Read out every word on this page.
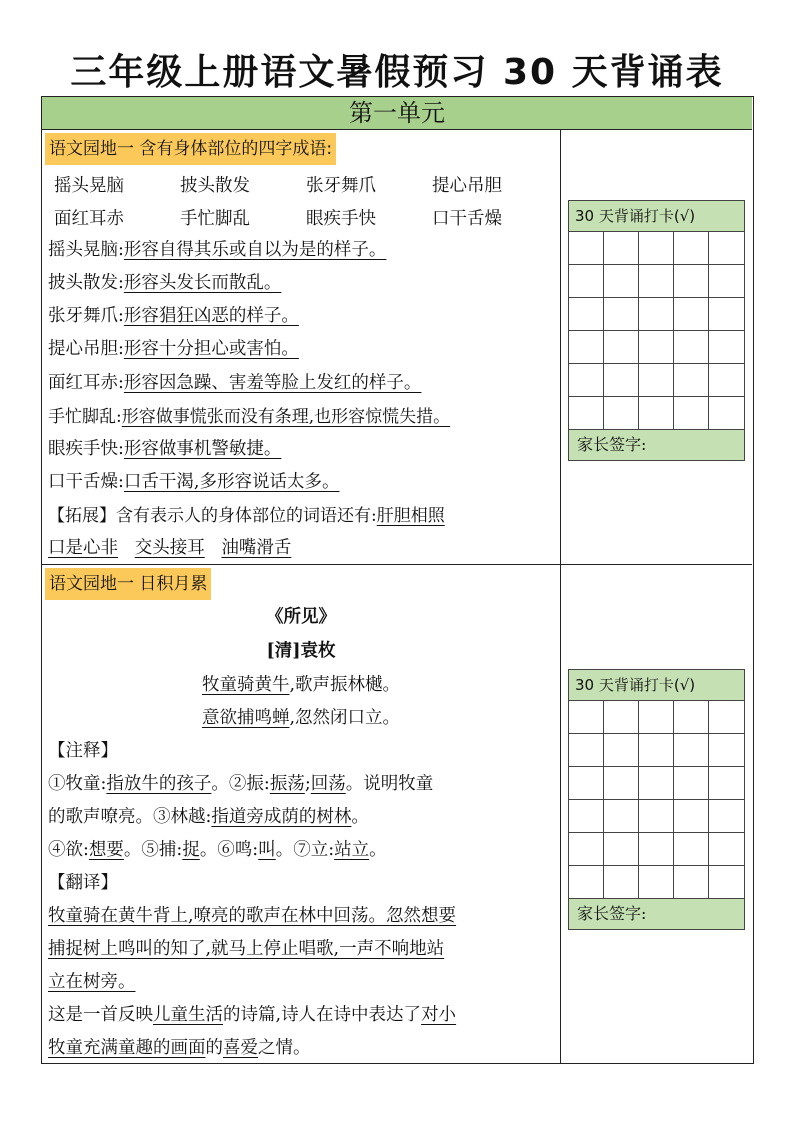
三年级上册语文暑假预习 30 天背诵表
第一单元
语文园地一 含有身体部位的四字成语:
摇头晃脑	披头散发	张牙舞爪	提心吊胆
面红耳赤	手忙脚乱	眼疾手快	口干舌燥
摇头晃脑:形容自得其乐或自以为是的样子。
披头散发:形容头发长而散乱。
张牙舞爪:形容猖狂凶恶的样子。
提心吊胆:形容十分担心或害怕。
面红耳赤:形容因急躁、害羞等脸上发红的样子。
手忙脚乱:形容做事慌张而没有条理,也形容惊慌失措。
眼疾手快:形容做事机警敏捷。
口干舌燥:口舌干渴,多形容说话太多。
【拓展】含有表示人的身体部位的词语还有:肝胆相照
口是心非 交头接耳 油嘴滑舌
30 天背诵打卡(√)
家长签字:
语文园地一 日积月累
《所见》
[清]袁枚
牧童骑黄牛,歌声振林樾。
意欲捕鸣蝉,忽然闭口立。
【注释】
①牧童:指放牛的孩子。②振:振荡;回荡。说明牧童
的歌声嘹亮。③林越:指道旁成荫的树林。
④欲:想要。⑤捕:捉。⑥鸣:叫。⑦立:站立。
【翻译】
牧童骑在黄牛背上,嘹亮的歌声在林中回荡。忽然想要
捕捉树上鸣叫的知了,就马上停止唱歌,一声不响地站
立在树旁。
这是一首反映儿童生活的诗篇,诗人在诗中表达了对小
牧童充满童趣的画面的喜爱之情。
30 天背诵打卡(√)
家长签字:
